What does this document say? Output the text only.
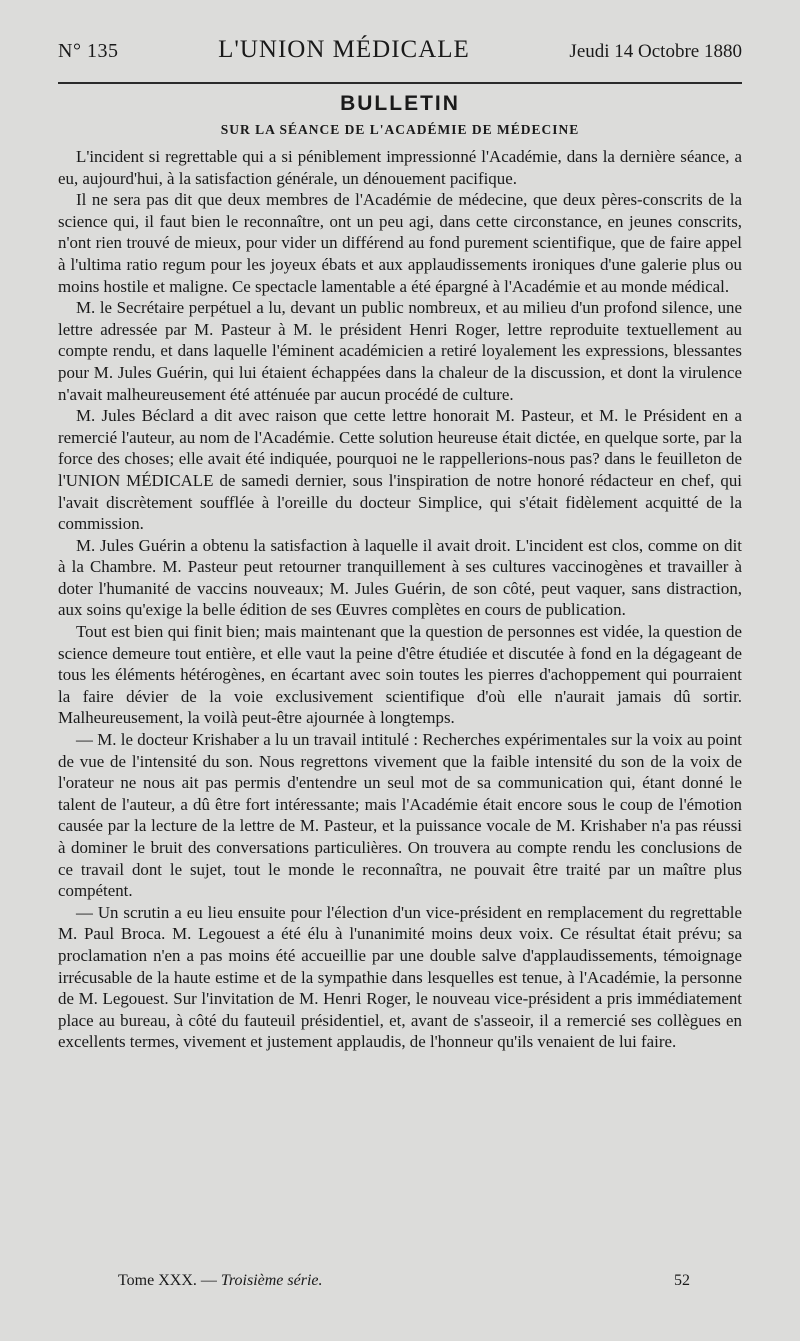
N° 135	L'UNION MÉDICALE	Jeudi 14 Octobre 1880
BULLETIN
SUR LA SÉANCE DE L'ACADÉMIE DE MÉDECINE

L'incident si regrettable qui a si péniblement impressionné l'Académie, dans la dernière séance, a eu, aujourd'hui, à la satisfaction générale, un dénouement pacifique.

Il ne sera pas dit que deux membres de l'Académie de médecine, que deux pères-conscrits de la science qui, il faut bien le reconnaître, ont un peu agi, dans cette circonstance, en jeunes conscrits, n'ont rien trouvé de mieux, pour vider un différend au fond purement scientifique, que de faire appel à l'ultima ratio regum pour les joyeux ébats et aux applaudissements ironiques d'une galerie plus ou moins hostile et maligne. Ce spectacle lamentable a été épargné à l'Académie et au monde médical.

M. le Secrétaire perpétuel a lu, devant un public nombreux, et au milieu d'un profond silence, une lettre adressée par M. Pasteur à M. le président Henri Roger, lettre reproduite textuellement au compte rendu, et dans laquelle l'éminent académicien a retiré loyalement les expressions, blessantes pour M. Jules Guérin, qui lui étaient échappées dans la chaleur de la discussion, et dont la virulence n'avait malheureusement été atténuée par aucun procédé de culture.

M. Jules Béclard a dit avec raison que cette lettre honorait M. Pasteur, et M. le Président en a remercié l'auteur, au nom de l'Académie. Cette solution heureuse était dictée, en quelque sorte, par la force des choses; elle avait été indiquée, pourquoi ne le rappellerions-nous pas? dans le feuilleton de l'UNION MÉDICALE de samedi dernier, sous l'inspiration de notre honoré rédacteur en chef, qui l'avait discrètement soufflée à l'oreille du docteur Simplice, qui s'était fidèlement acquitté de la commission.

M. Jules Guérin a obtenu la satisfaction à laquelle il avait droit. L'incident est clos, comme on dit à la Chambre. M. Pasteur peut retourner tranquillement à ses cultures vaccinogènes et travailler à doter l'humanité de vaccins nouveaux; M. Jules Guérin, de son côté, peut vaquer, sans distraction, aux soins qu'exige la belle édition de ses Œuvres complètes en cours de publication.

Tout est bien qui finit bien; mais maintenant que la question de personnes est vidée, la question de science demeure tout entière, et elle vaut la peine d'être étudiée et discutée à fond en la dégageant de tous les éléments hétérogènes, en écartant avec soin toutes les pierres d'achoppement qui pourraient la faire dévier de la voie exclusivement scientifique d'où elle n'aurait jamais dû sortir. Malheureusement, la voilà peut-être ajournée à longtemps.

— M. le docteur Krishaber a lu un travail intitulé : Recherches expérimentales sur la voix au point de vue de l'intensité du son. Nous regrettons vivement que la faible intensité du son de la voix de l'orateur ne nous ait pas permis d'entendre un seul mot de sa communication qui, étant donné le talent de l'auteur, a dû être fort intéressante; mais l'Académie était encore sous le coup de l'émotion causée par la lecture de la lettre de M. Pasteur, et la puissance vocale de M. Krishaber n'a pas réussi à dominer le bruit des conversations particulières. On trouvera au compte rendu les conclusions de ce travail dont le sujet, tout le monde le reconnaîtra, ne pouvait être traité par un maître plus compétent.

— Un scrutin a eu lieu ensuite pour l'élection d'un vice-président en remplacement du regrettable M. Paul Broca. M. Legouest a été élu à l'unanimité moins deux voix. Ce résultat était prévu; sa proclamation n'en a pas moins été accueillie par une double salve d'applaudissements, témoignage irrécusable de la haute estime et de la sympathie dans lesquelles est tenue, à l'Académie, la personne de M. Legouest. Sur l'invitation de M. Henri Roger, le nouveau vice-président a pris immédiatement place au bureau, à côté du fauteuil présidentiel, et, avant de s'asseoir, il a remercié ses collègues en excellents termes, vivement et justement applaudis, de l'honneur qu'ils venaient de lui faire.

Tome XXX. — Troisième série.	52
